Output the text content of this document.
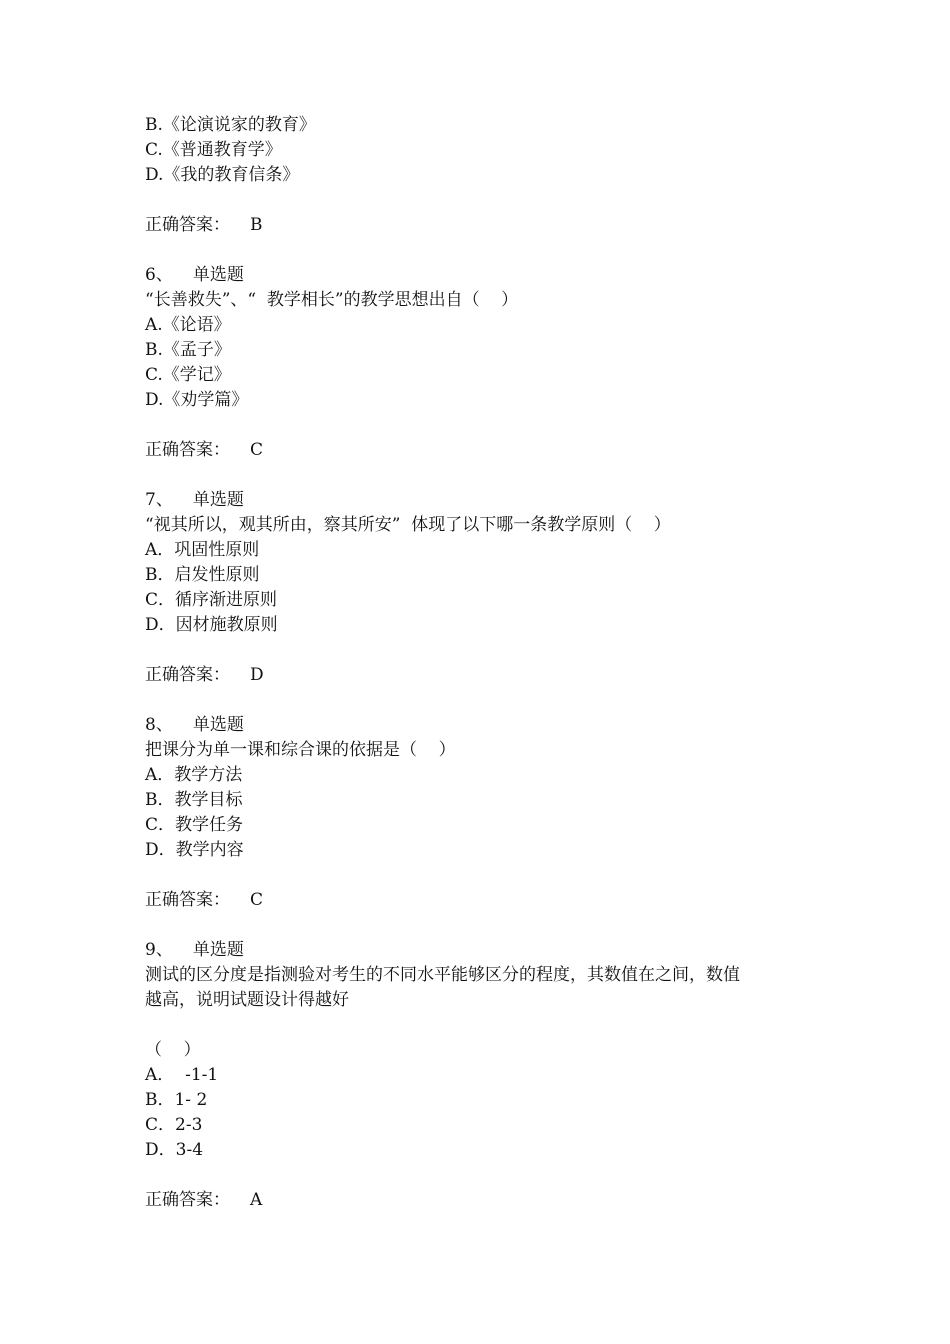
B.《论演说家的教育》
C.《普通教育学》
D.《我的教育信条》
正确答案： B
6、 单选题
“长善救失”、“  教学相长”的教学思想出自（    ）
A.《论语》
B.《孟子》
C.《学记》
D.《劝学篇》
正确答案： C
7、 单选题
“视其所以，观其所由，察其所安”  体现了以下哪一条教学原则（    ）
A．巩固性原则
B．启发性原则
C．循序渐进原则
D．因材施教原则
正确答案： D
8、 单选题
把课分为单一课和综合课的依据是（    ）
A．教学方法
B．教学目标
C．教学任务
D．教学内容
正确答案： C
9、 单选题
测试的区分度是指测验对考生的不同水平能够区分的程度，其数值在之间，数值
越高，说明试题设计得越好
（    ）
A．  -1-1
B．1- 2
C．2-3
D．3-4
正确答案： A
